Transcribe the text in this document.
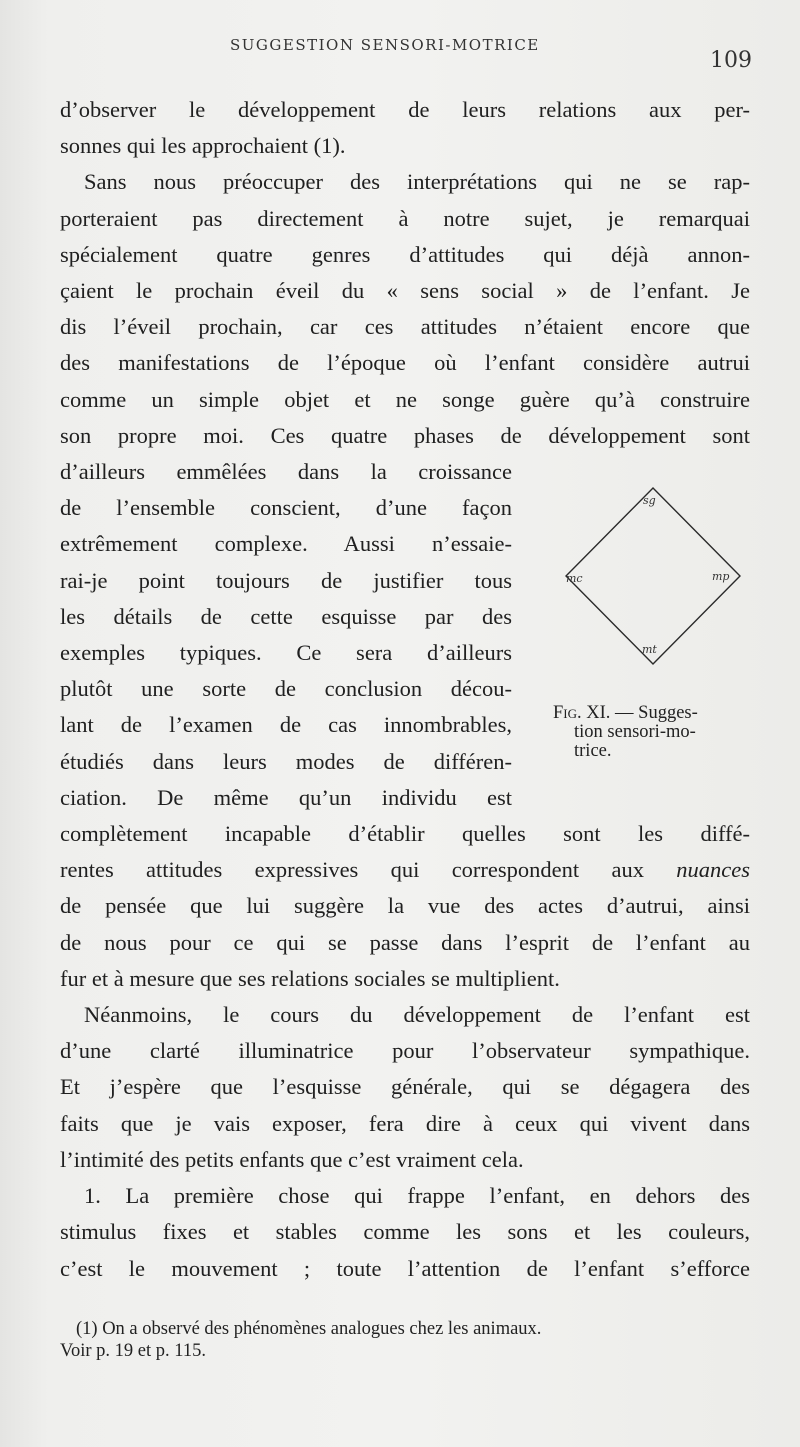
SUGGESTION SENSORI-MOTRICE
109

d’observer le développement de leurs relations aux per-
sonnes qui les approchaient (1).

Sans nous préoccuper des interprétations qui ne se rap-
porteraient pas directement à notre sujet, je remarquai
spécialement quatre genres d’attitudes qui déjà annon-
çaient le prochain éveil du « sens social » de l’enfant. Je
dis l’éveil prochain, car ces attitudes n’étaient encore que
des manifestations de l’époque où l’enfant considère autrui
comme un simple objet et ne songe guère qu’à construire
son propre moi. Ces quatre phases de développement sont
d’ailleurs emmêlées dans la croissance
de l’ensemble conscient, d’une façon
extrêmement complexe. Aussi n’essaie-
rai-je point toujours de justifier tous
les détails de cette esquisse par des
exemples typiques. Ce sera d’ailleurs
plutôt une sorte de conclusion décou-
lant de l’examen de cas innombrables,
étudiés dans leurs modes de différen-
ciation. De même qu’un individu est
complètement incapable d’établir quelles sont les diffé-
rentes attitudes expressives qui correspondent aux nuances
de pensée que lui suggère la vue des actes d’autrui, ainsi
de nous pour ce qui se passe dans l’esprit de l’enfant au
fur et à mesure que ses relations sociales se multiplient.

Néanmoins, le cours du développement de l’enfant est
d’une clarté illuminatrice pour l’observateur sympathique.
Et j’espère que l’esquisse générale, qui se dégagera des
faits que je vais exposer, fera dire à ceux qui vivent dans
l’intimité des petits enfants que c’est vraiment cela.

1. La première chose qui frappe l’enfant, en dehors des
stimulus fixes et stables comme les sons et les couleurs,
c’est le mouvement ; toute l’attention de l’enfant s’efforce

sg
mc	mp
mt
Fig. XI. — Sugges-
tion sensori-mo-
trice.
(1) On a observé des phénomènes analogues chez les animaux.
Voir p. 19 et p. 115.
